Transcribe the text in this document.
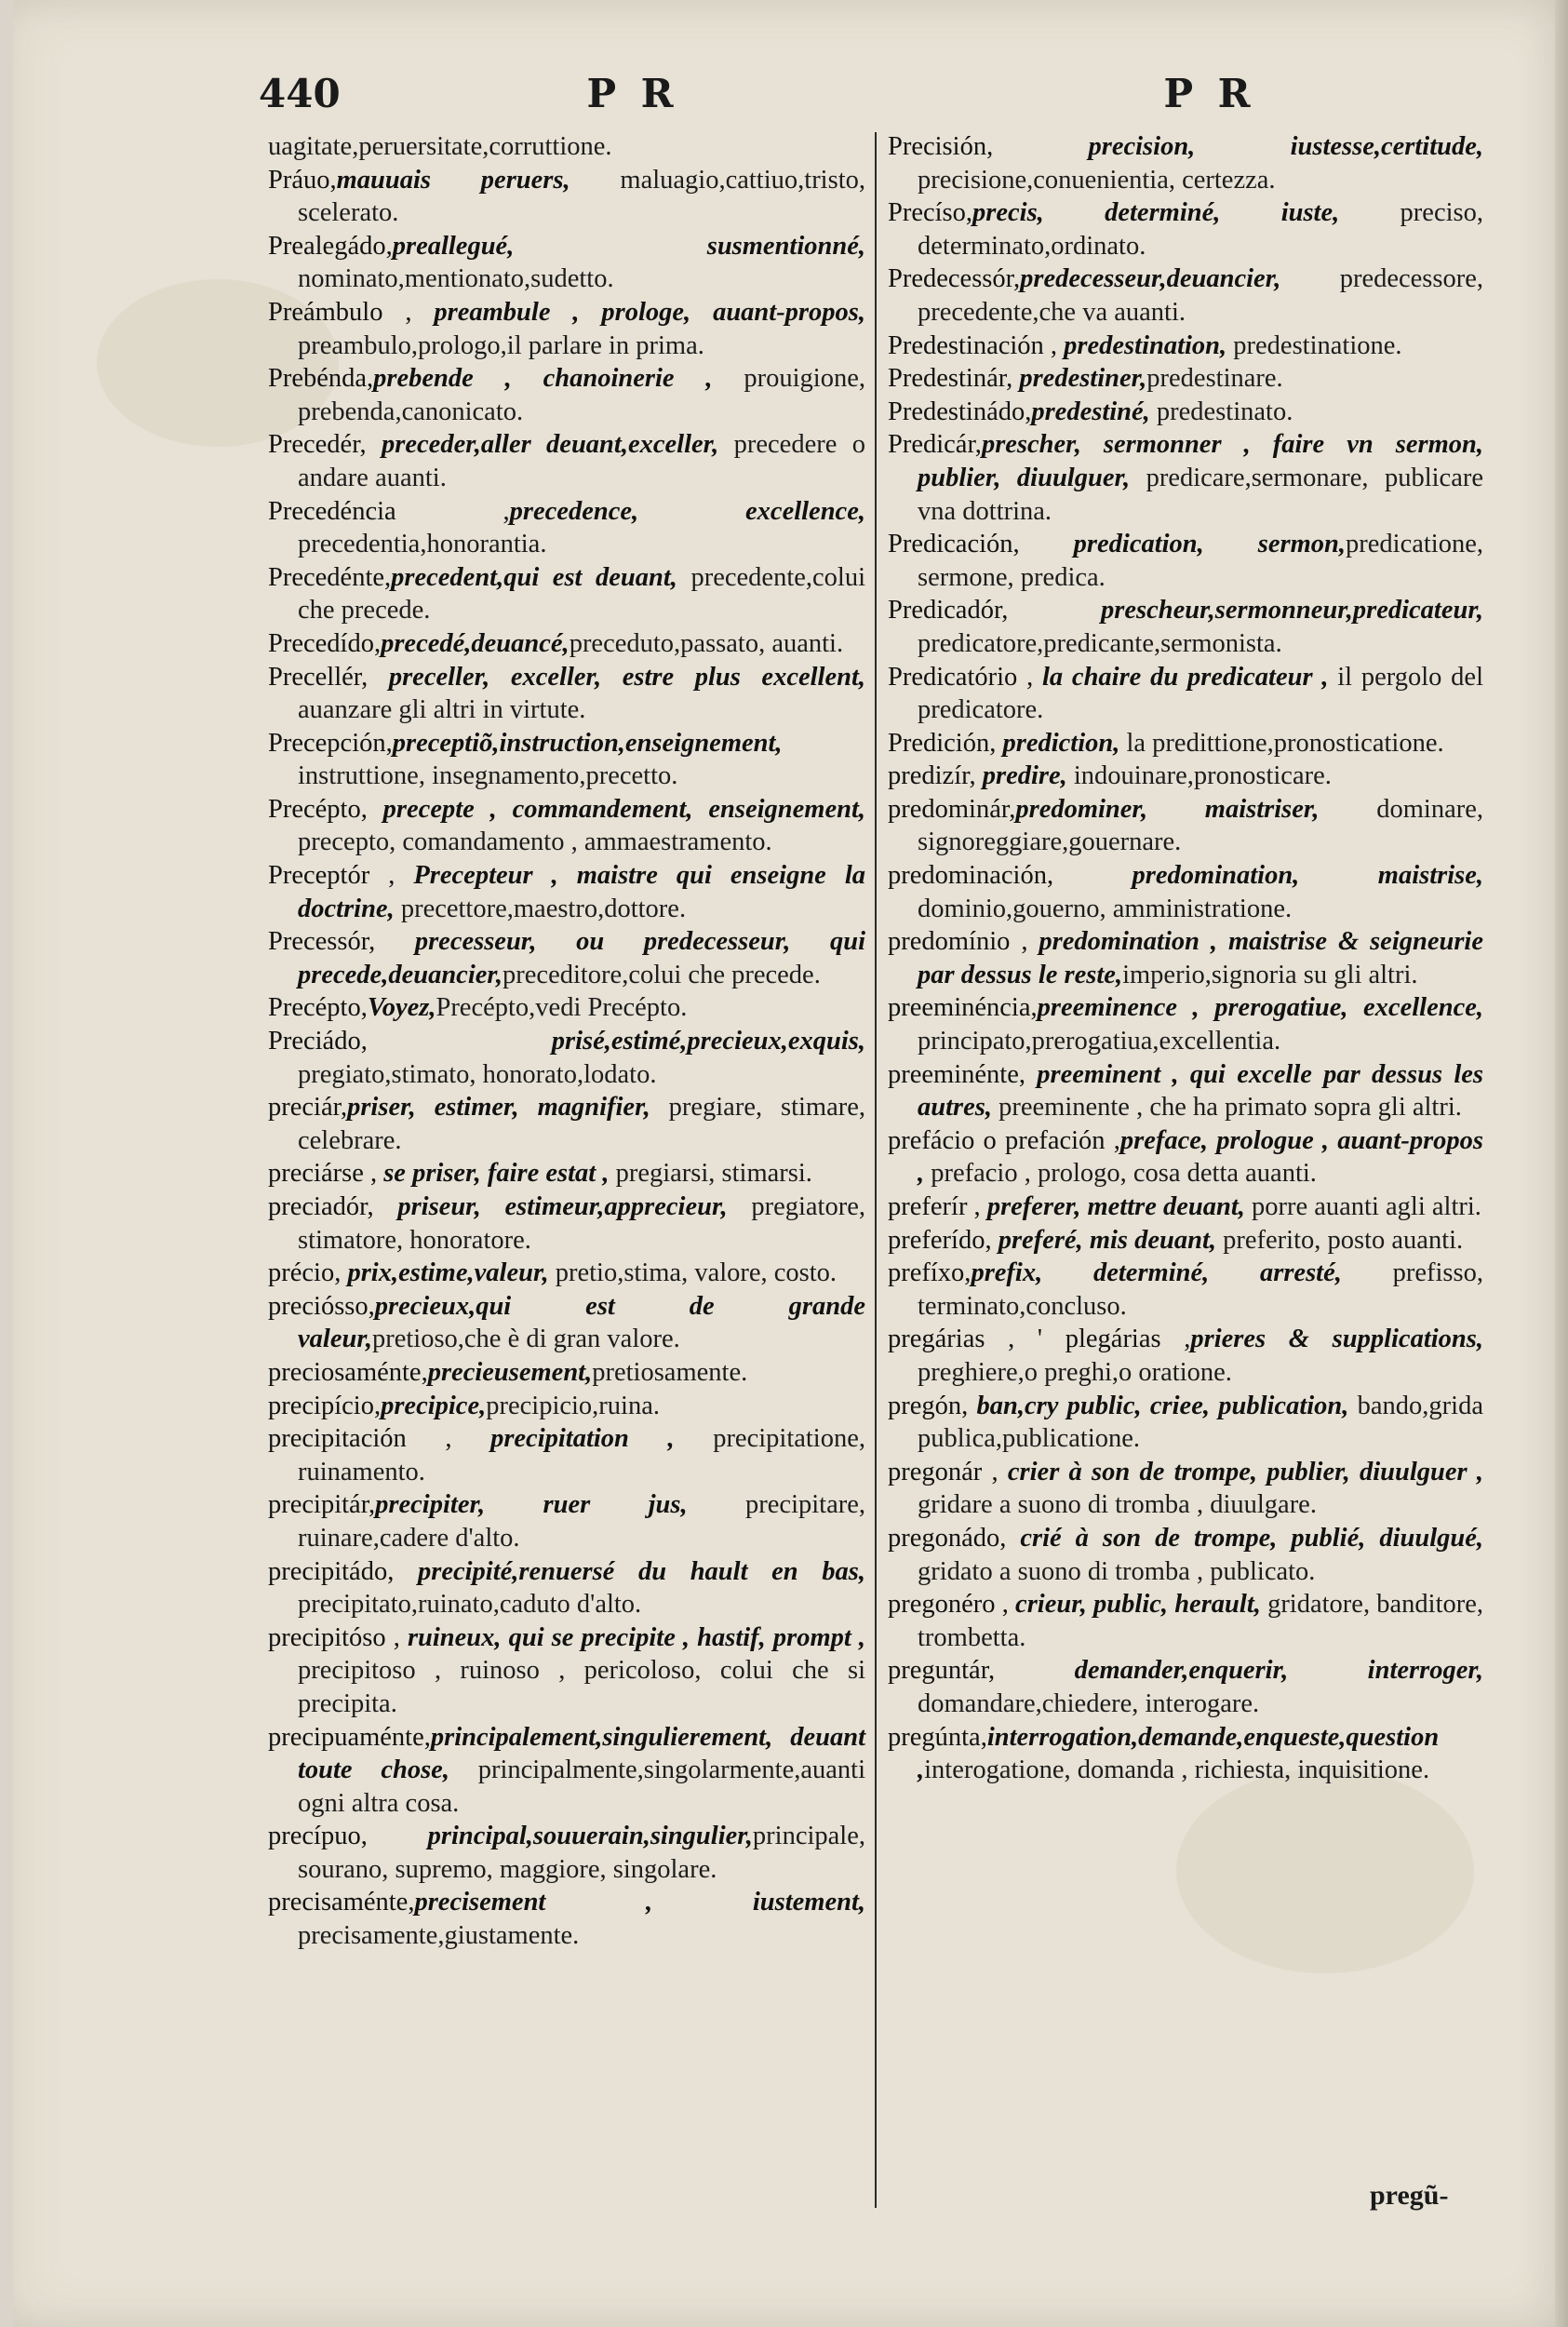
440	P R	P R

uagitate,peruersitate,corruttione.

Práuo,mauuais peruers, maluagio,cattiuo,tristo, scelerato.

Prealegádo,preallegué, susmentionné, nominato,mentionato,sudetto.

Preámbulo , preambule , prologe, auant-propos, preambulo,prologo,il parlare in prima.

Prebénda,prebende , chanoinerie , prouigione, prebenda,canonicato.

Precedér, preceder,aller deuant,exceller, precedere o andare auanti.

Precedéncia ,precedence, excellence, precedentia,honorantia.

Precedénte,precedent,qui est deuant, precedente,colui che precede.

Precedído,precedé,deuancé,preceduto,passato, auanti.

Precellér, preceller, exceller, estre plus excellent, auanzare gli altri in virtute.

Precepción,preceptiõ,instruction,enseignement, instruttione, insegnamento,precetto.

Precépto, precepte , commandement, enseignement, precepto, comandamento , ammaestramento.

Preceptór , Precepteur , maistre qui enseigne la doctrine, precettore,maestro,dottore.

Precessór, precesseur, ou predecesseur, qui precede,deuancier,preceditore,colui che precede.

Precépto,Voyez,Precépto,vedi Precépto.

Preciádo, prisé,estimé,precieux,exquis, pregiato,stimato, honorato,lodato.

preciár,priser, estimer, magnifier, pregiare, stimare, celebrare.

preciárse , se priser, faire estat , pregiarsi, stimarsi.

preciadór, priseur, estimeur,apprecieur, pregiatore, stimatore, honoratore.

précio, prix,estime,valeur, pretio,stima, valore, costo.

preciósso,precieux,qui est de grande valeur,pretioso,che è di gran valore.

preciosaménte,precieusement,pretiosamente.

precipício,precipice,precipicio,ruina.

precipitación , precipitation , precipitatione, ruinamento.

precipitár,precipiter, ruer jus, precipitare, ruinare,cadere d'alto.

precipitádo, precipité,renuersé du hault en bas, precipitato,ruinato,caduto d'alto.

precipitóso , ruineux, qui se precipite , hastif, prompt , precipitoso , ruinoso , pericoloso, colui che si precipita.

precipuaménte,principalement,singulierement, deuant toute chose, principalmente,singolarmente,auanti ogni altra cosa.

precípuo, principal,souuerain,singulier,principale, sourano, supremo, maggiore, singolare.

precisaménte,precisement , iustement, precisamente,giustamente.

Precisión, precision, iustesse,certitude, precisione,conuenientia, certezza.

Precíso,precis, determiné, iuste, preciso, determinato,ordinato.

Predecessór,predecesseur,deuancier, predecessore, precedente,che va auanti.

Predestinación , predestination, predestinatione.

Predestinár, predestiner,predestinare.

Predestinádo,predestiné, predestinato.

Predicár,prescher, sermonner , faire vn sermon, publier, diuulguer, predicare,sermonare, publicare vna dottrina.

Predicación, predication, sermon,predicatione, sermone, predica.

Predicadór, prescheur,sermonneur,predicateur, predicatore,predicante,sermonista.

Predicatório , la chaire du predicateur , il pergolo del predicatore.

Predición, prediction, la predittione,pronosticatione.

predizír, predire, indouinare,pronosticare.

predominár,predominer, maistriser, dominare, signoreggiare,gouernare.

predominación, predomination, maistrise, dominio,gouerno, amministratione.

predomínio , predomination , maistrise & seigneurie par dessus le reste,imperio,signoria su gli altri.

preeminéncia,preeminence , prerogatiue, excellence, principato,prerogatiua,excellentia.

preeminénte, preeminent , qui excelle par dessus les autres, preeminente , che ha primato sopra gli altri.

prefácio o prefación ,preface, prologue , auant-propos , prefacio , prologo, cosa detta auanti.

preferír , preferer, mettre deuant, porre auanti agli altri.

preferído, preferé, mis deuant, preferito, posto auanti.

prefíxo,prefix, determiné, arresté, prefisso, terminato,concluso.

pregárias , ' plegárias ,prieres & supplications, preghiere,o preghi,o oratione.

pregón, ban,cry public, criee, publication, bando,grida publica,publicatione.

pregonár , crier à son de trompe, publier, diuulguer , gridare a suono di tromba , diuulgare.

pregonádo, crié à son de trompe, publié, diuulgué, gridato a suono di tromba , publicato.

pregonéro , crieur, public, herault, gridatore, banditore, trombetta.

preguntár, demander,enquerir, interroger, domandare,chiedere, interogare.

pregúnta,interrogation,demande,enqueste,question ,interogatione, domanda , richiesta, inquisitione.

pregũ-
